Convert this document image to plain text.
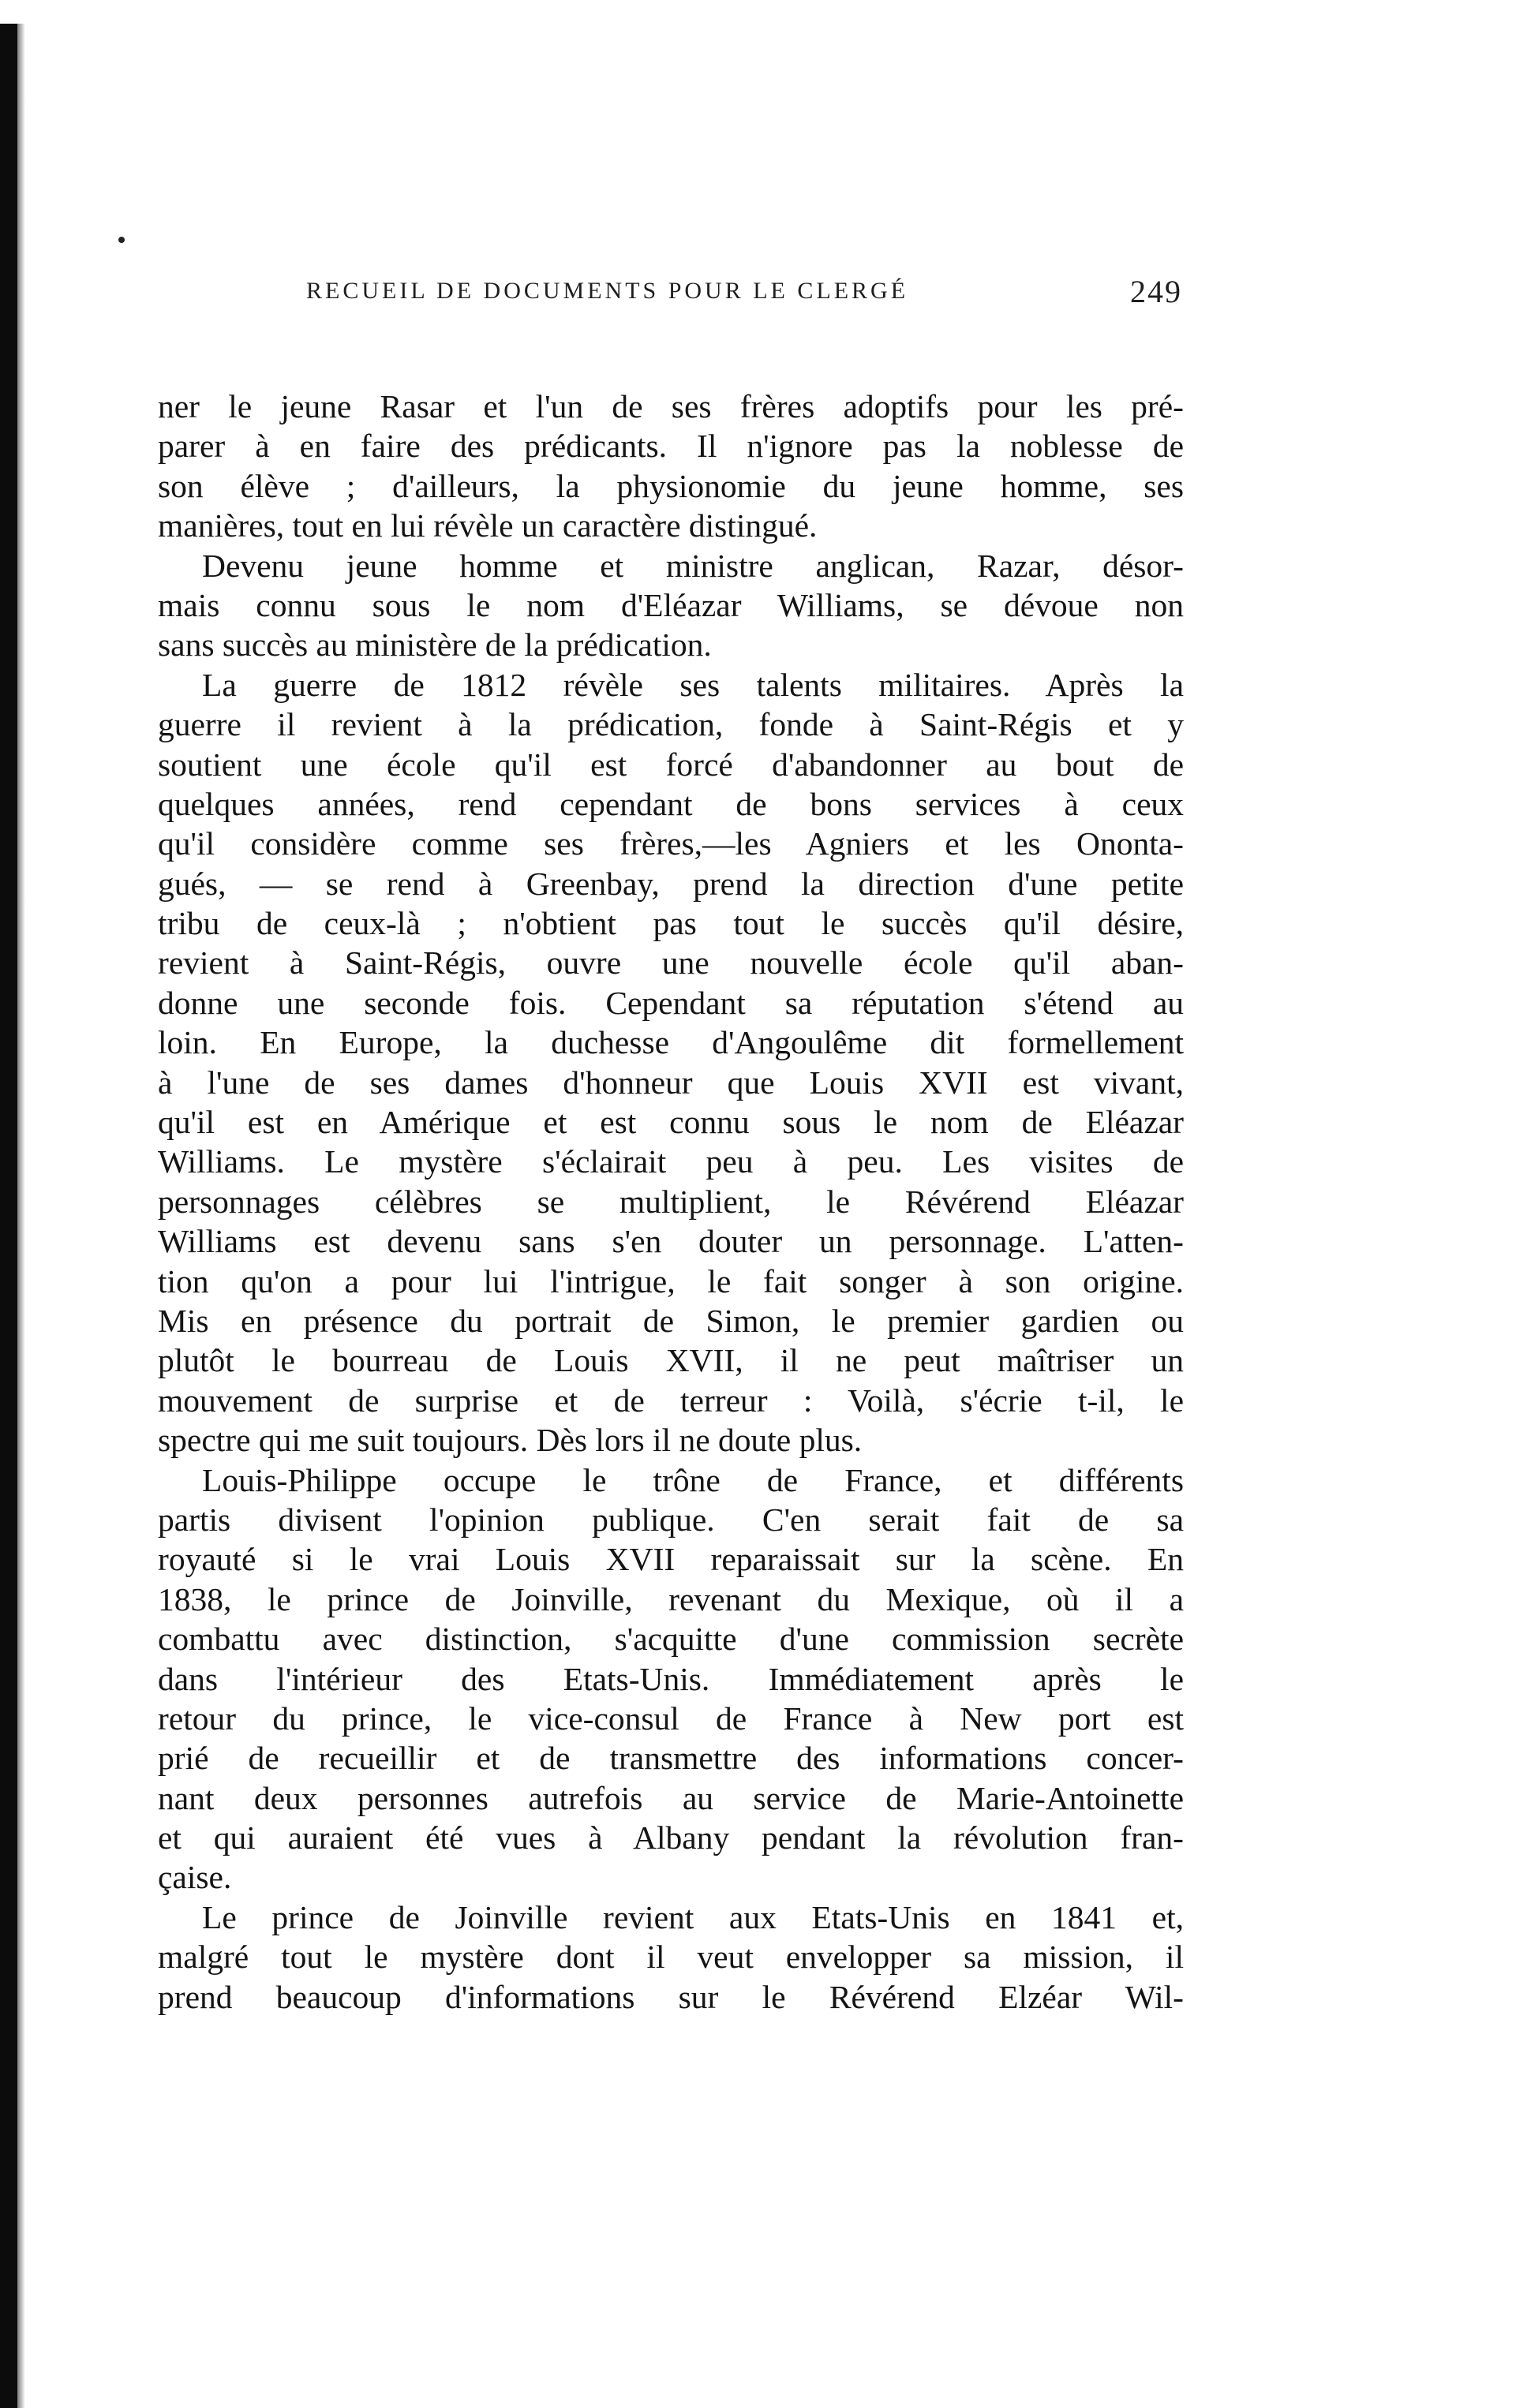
RECUEIL DE DOCUMENTS POUR LE CLERGÉ	249
ner le jeune Rasar et l'un de ses frères adoptifs pour les pré-
parer à en faire des prédicants. Il n'ignore pas la noblesse de
son élève ; d'ailleurs, la physionomie du jeune homme, ses
manières, tout en lui révèle un caractère distingué.
Devenu jeune homme et ministre anglican, Razar, désor-
mais connu sous le nom d'Eléazar Williams, se dévoue non
sans succès au ministère de la prédication.
La guerre de 1812 révèle ses talents militaires. Après la
guerre il revient à la prédication, fonde à Saint-Régis et y
soutient une école qu'il est forcé d'abandonner au bout de
quelques années, rend cependant de bons services à ceux
qu'il considère comme ses frères,—les Agniers et les Ononta-
gués, — se rend à Greenbay, prend la direction d'une petite
tribu de ceux-là ; n'obtient pas tout le succès qu'il désire,
revient à Saint-Régis, ouvre une nouvelle école qu'il aban-
donne une seconde fois. Cependant sa réputation s'étend au
loin. En Europe, la duchesse d'Angoulême dit formellement
à l'une de ses dames d'honneur que Louis XVII est vivant,
qu'il est en Amérique et est connu sous le nom de Eléazar
Williams. Le mystère s'éclairait peu à peu. Les visites de
personnages célèbres se multiplient, le Révérend Eléazar
Williams est devenu sans s'en douter un personnage. L'atten-
tion qu'on a pour lui l'intrigue, le fait songer à son origine.
Mis en présence du portrait de Simon, le premier gardien ou
plutôt le bourreau de Louis XVII, il ne peut maîtriser un
mouvement de surprise et de terreur : Voilà, s'écrie t-il, le
spectre qui me suit toujours. Dès lors il ne doute plus.
Louis-Philippe occupe le trône de France, et différents
partis divisent l'opinion publique. C'en serait fait de sa
royauté si le vrai Louis XVII reparaissait sur la scène. En
1838, le prince de Joinville, revenant du Mexique, où il a
combattu avec distinction, s'acquitte d'une commission secrète
dans l'intérieur des Etats-Unis. Immédiatement après le
retour du prince, le vice-consul de France à New port est
prié de recueillir et de transmettre des informations concer-
nant deux personnes autrefois au service de Marie-Antoinette
et qui auraient été vues à Albany pendant la révolution fran-
çaise.
Le prince de Joinville revient aux Etats-Unis en 1841 et,
malgré tout le mystère dont il veut envelopper sa mission, il
prend beaucoup d'informations sur le Révérend Elzéar Wil-
